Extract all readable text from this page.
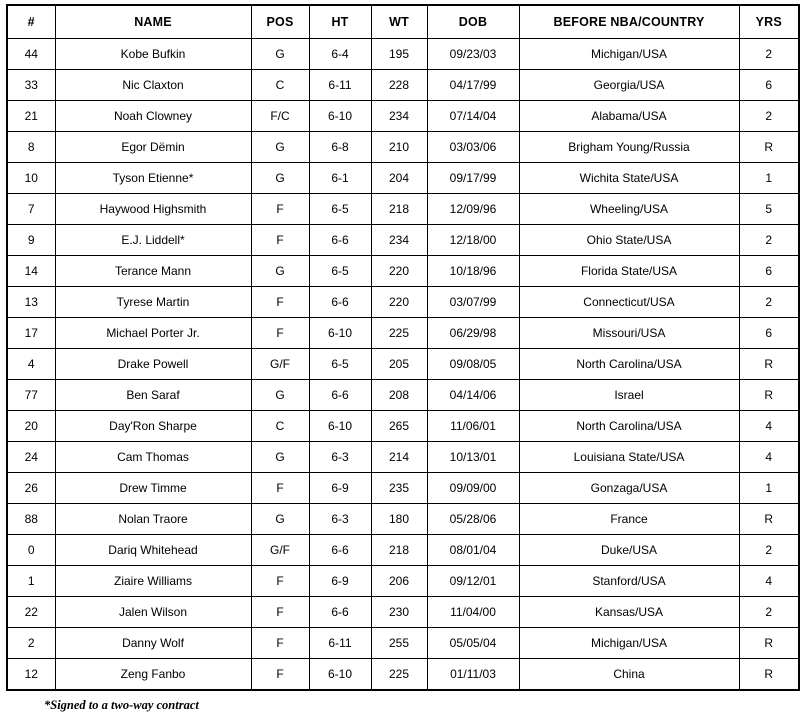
#	NAME	POS	HT	WT	DOB	BEFORE NBA/COUNTRY	YRS
44	Kobe Bufkin	G	6-4	195	09/23/03	Michigan/USA	2
33	Nic Claxton	C	6-11	228	04/17/99	Georgia/USA	6
21	Noah Clowney	F/C	6-10	234	07/14/04	Alabama/USA	2
8	Egor Dëmin	G	6-8	210	03/03/06	Brigham Young/Russia	R
10	Tyson Etienne*	G	6-1	204	09/17/99	Wichita State/USA	1
7	Haywood Highsmith	F	6-5	218	12/09/96	Wheeling/USA	5
9	E.J. Liddell*	F	6-6	234	12/18/00	Ohio State/USA	2
14	Terance Mann	G	6-5	220	10/18/96	Florida State/USA	6
13	Tyrese Martin	F	6-6	220	03/07/99	Connecticut/USA	2
17	Michael Porter Jr.	F	6-10	225	06/29/98	Missouri/USA	6
4	Drake Powell	G/F	6-5	205	09/08/05	North Carolina/USA	R
77	Ben Saraf	G	6-6	208	04/14/06	Israel	R
20	Day'Ron Sharpe	C	6-10	265	11/06/01	North Carolina/USA	4
24	Cam Thomas	G	6-3	214	10/13/01	Louisiana State/USA	4
26	Drew Timme	F	6-9	235	09/09/00	Gonzaga/USA	1
88	Nolan Traore	G	6-3	180	05/28/06	France	R
0	Dariq Whitehead	G/F	6-6	218	08/01/04	Duke/USA	2
1	Ziaire Williams	F	6-9	206	09/12/01	Stanford/USA	4
22	Jalen Wilson	F	6-6	230	11/04/00	Kansas/USA	2
2	Danny Wolf	F	6-11	255	05/05/04	Michigan/USA	R
12	Zeng Fanbo	F	6-10	225	01/11/03	China	R
*Signed to a two-way contract
